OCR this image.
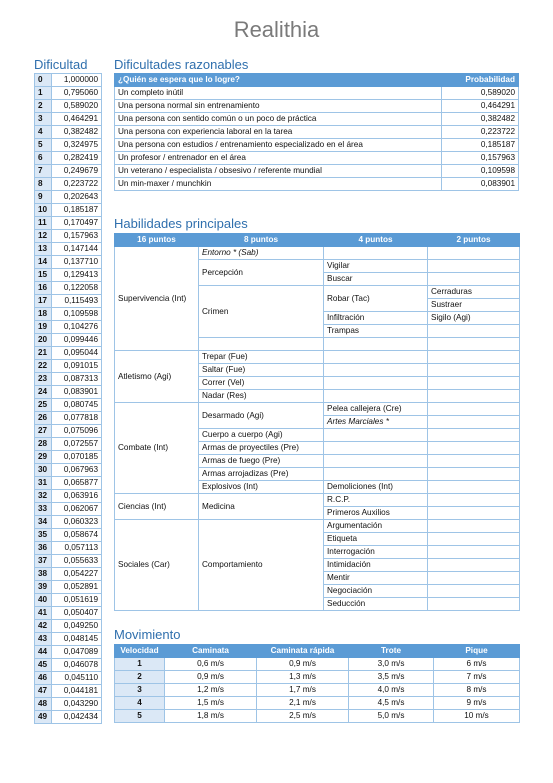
Realithia
Dificultad
0	1,000000
1	0,795060
2	0,589020
3	0,464291
4	0,382482
5	0,324975
6	0,282419
7	0,249679
8	0,223722
9	0,202643
10	0,185187
11	0,170497
12	0,157963
13	0,147144
14	0,137710
15	0,129413
16	0,122058
17	0,115493
18	0,109598
19	0,104276
20	0,099446
21	0,095044
22	0,091015
23	0,087313
24	0,083901
25	0,080745
26	0,077818
27	0,075096
28	0,072557
29	0,070185
30	0,067963
31	0,065877
32	0,063916
33	0,062067
34	0,060323
35	0,058674
36	0,057113
37	0,055633
38	0,054227
39	0,052891
40	0,051619
41	0,050407
42	0,049250
43	0,048145
44	0,047089
45	0,046078
46	0,045110
47	0,044181
48	0,043290
49	0,042434
Dificultades razonables
¿Quién se espera que lo logre?	Probabilidad
Un completo inútil	0,589020
Una persona normal sin entrenamiento	0,464291
Una persona con sentido común o un poco de práctica	0,382482
Una persona con experiencia laboral en la tarea	0,223722
Una persona con estudios / entrenamiento especializado en el área	0,185187
Un profesor / entrenador en el área	0,157963
Un veterano / especialista / obsesivo / referente mundial	0,109598
Un min-maxer / munchkin	0,083901
Habilidades principales
16 puntos	8 puntos	4 puntos	2 puntos
Supervivencia (Int)	Entorno * (Sab)		
	Percepción	Vigilar	
		Buscar	
	Crimen	Robar (Tac)	Cerraduras
			Sustraer
		Infiltración	Sigilo (Agi)
		Trampas	

Atletismo (Agi)	Trepar (Fue)		
	Saltar (Fue)		
	Correr (Vel)		
	Nadar (Res)		
Combate (Int)	Desarmado (Agi)	Pelea callejera (Cre)	
		Artes Marciales *	
	Cuerpo a cuerpo (Agi)		
	Armas de proyectiles (Pre)		
	Armas de fuego (Pre)		
	Armas arrojadizas (Pre)		
	Explosivos (Int)	Demoliciones (Int)	
Ciencias (Int)	Medicina	R.C.P.	
		Primeros Auxilios	
Sociales (Car)	Comportamiento	Argumentación	
		Etiqueta	
		Interrogación	
		Intimidación	
		Mentir	
		Negociación	
		Seducción	
Movimiento
Velocidad	Caminata	Caminata rápida	Trote	Pique
1	0,6 m/s	0,9 m/s	3,0 m/s	6 m/s
2	0,9 m/s	1,3 m/s	3,5 m/s	7 m/s
3	1,2 m/s	1,7 m/s	4,0 m/s	8 m/s
4	1,5 m/s	2,1 m/s	4,5 m/s	9 m/s
5	1,8 m/s	2,5 m/s	5,0 m/s	10 m/s
